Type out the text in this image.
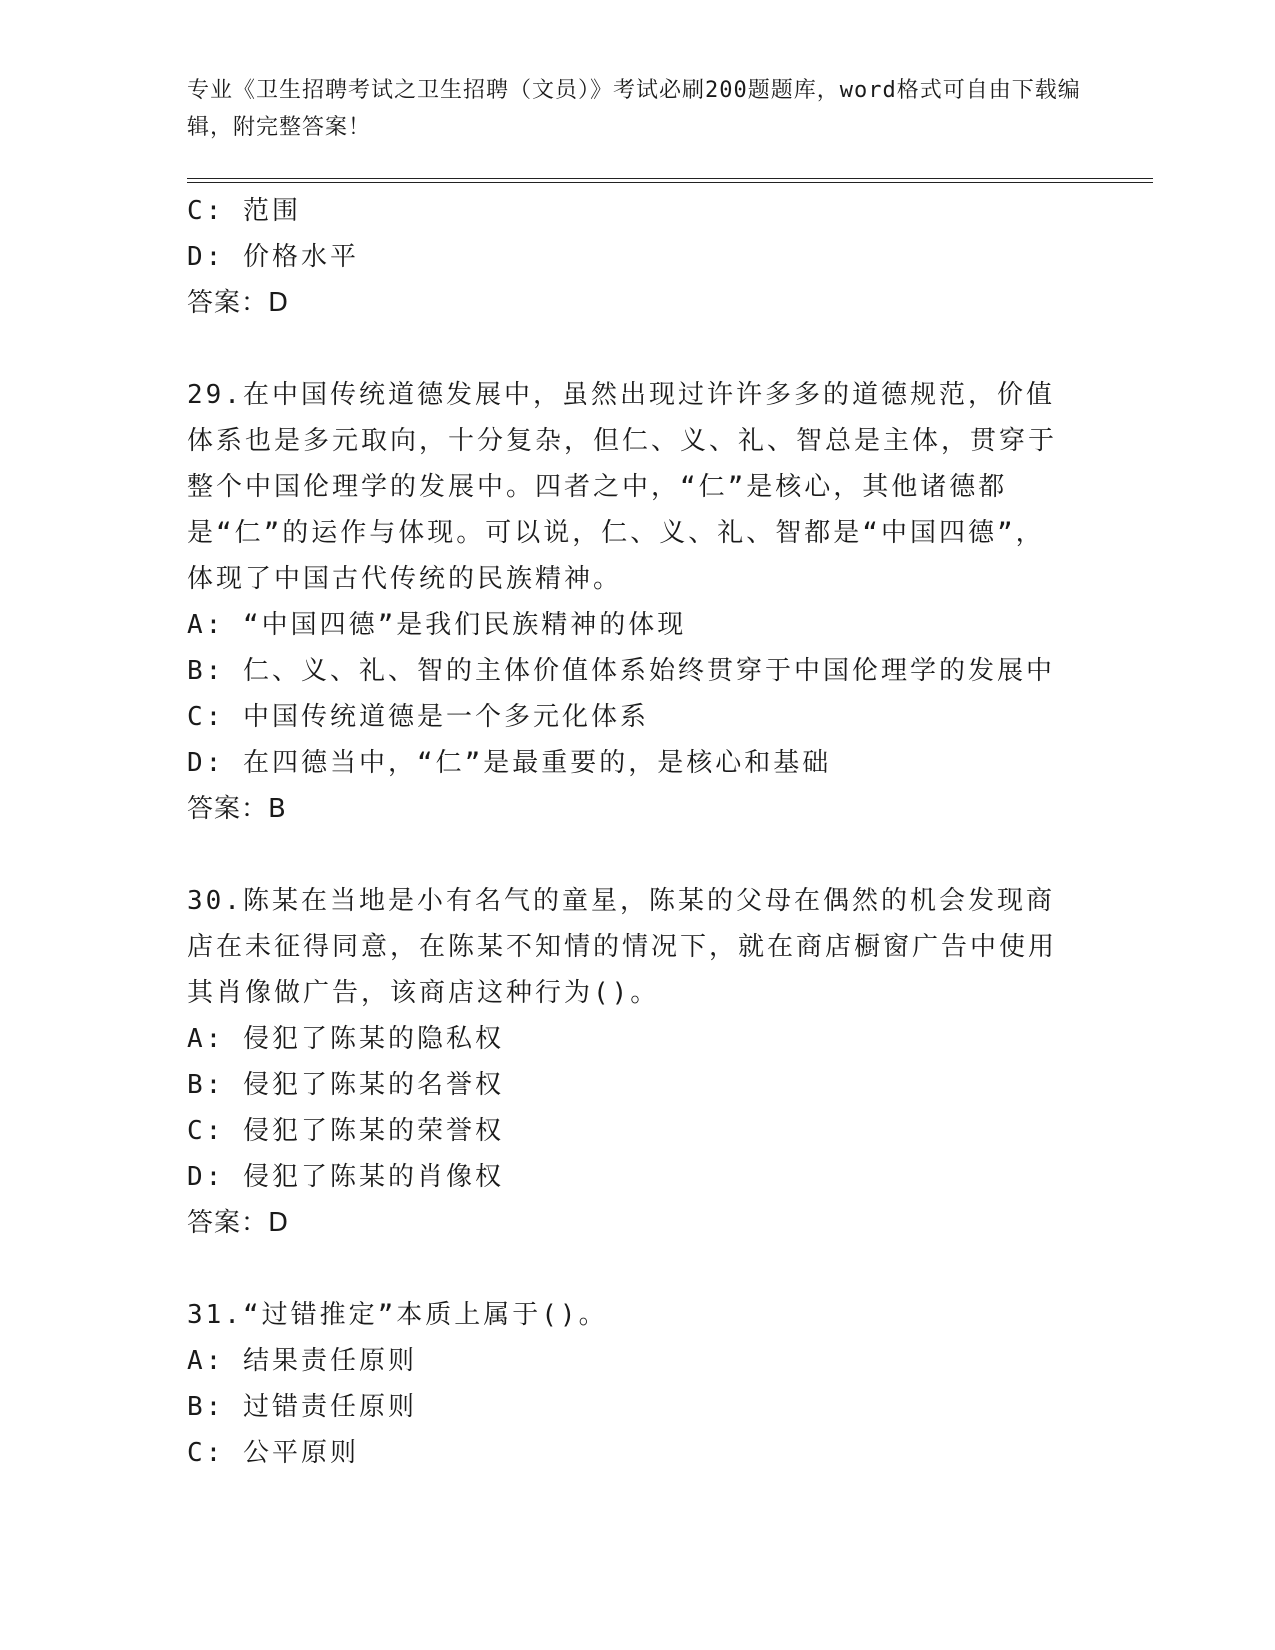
专业《卫生招聘考试之卫生招聘（文员）》考试必刷200题题库，word格式可自由下载编辑，附完整答案！
C: 范围
D: 价格水平
答案：D
29.在中国传统道德发展中，虽然出现过许许多多的道德规范，价值体系也是多元取向，十分复杂，但仁、义、礼、智总是主体，贯穿于整个中国伦理学的发展中。四者之中，“仁”是核心，其他诸德都是“仁”的运作与体现。可以说，仁、义、礼、智都是“中国四德”，体现了中国古代传统的民族精神。
A: “中国四德”是我们民族精神的体现
B: 仁、义、礼、智的主体价值体系始终贯穿于中国伦理学的发展中
C: 中国传统道德是一个多元化体系
D: 在四德当中，“仁”是最重要的，是核心和基础
答案：B
30.陈某在当地是小有名气的童星，陈某的父母在偶然的机会发现商店在未征得同意，在陈某不知情的情况下，就在商店橱窗广告中使用其肖像做广告，该商店这种行为()。
A: 侵犯了陈某的隐私权
B: 侵犯了陈某的名誉权
C: 侵犯了陈某的荣誉权
D: 侵犯了陈某的肖像权
答案：D
31.“过错推定”本质上属于()。
A: 结果责任原则
B: 过错责任原则
C: 公平原则
